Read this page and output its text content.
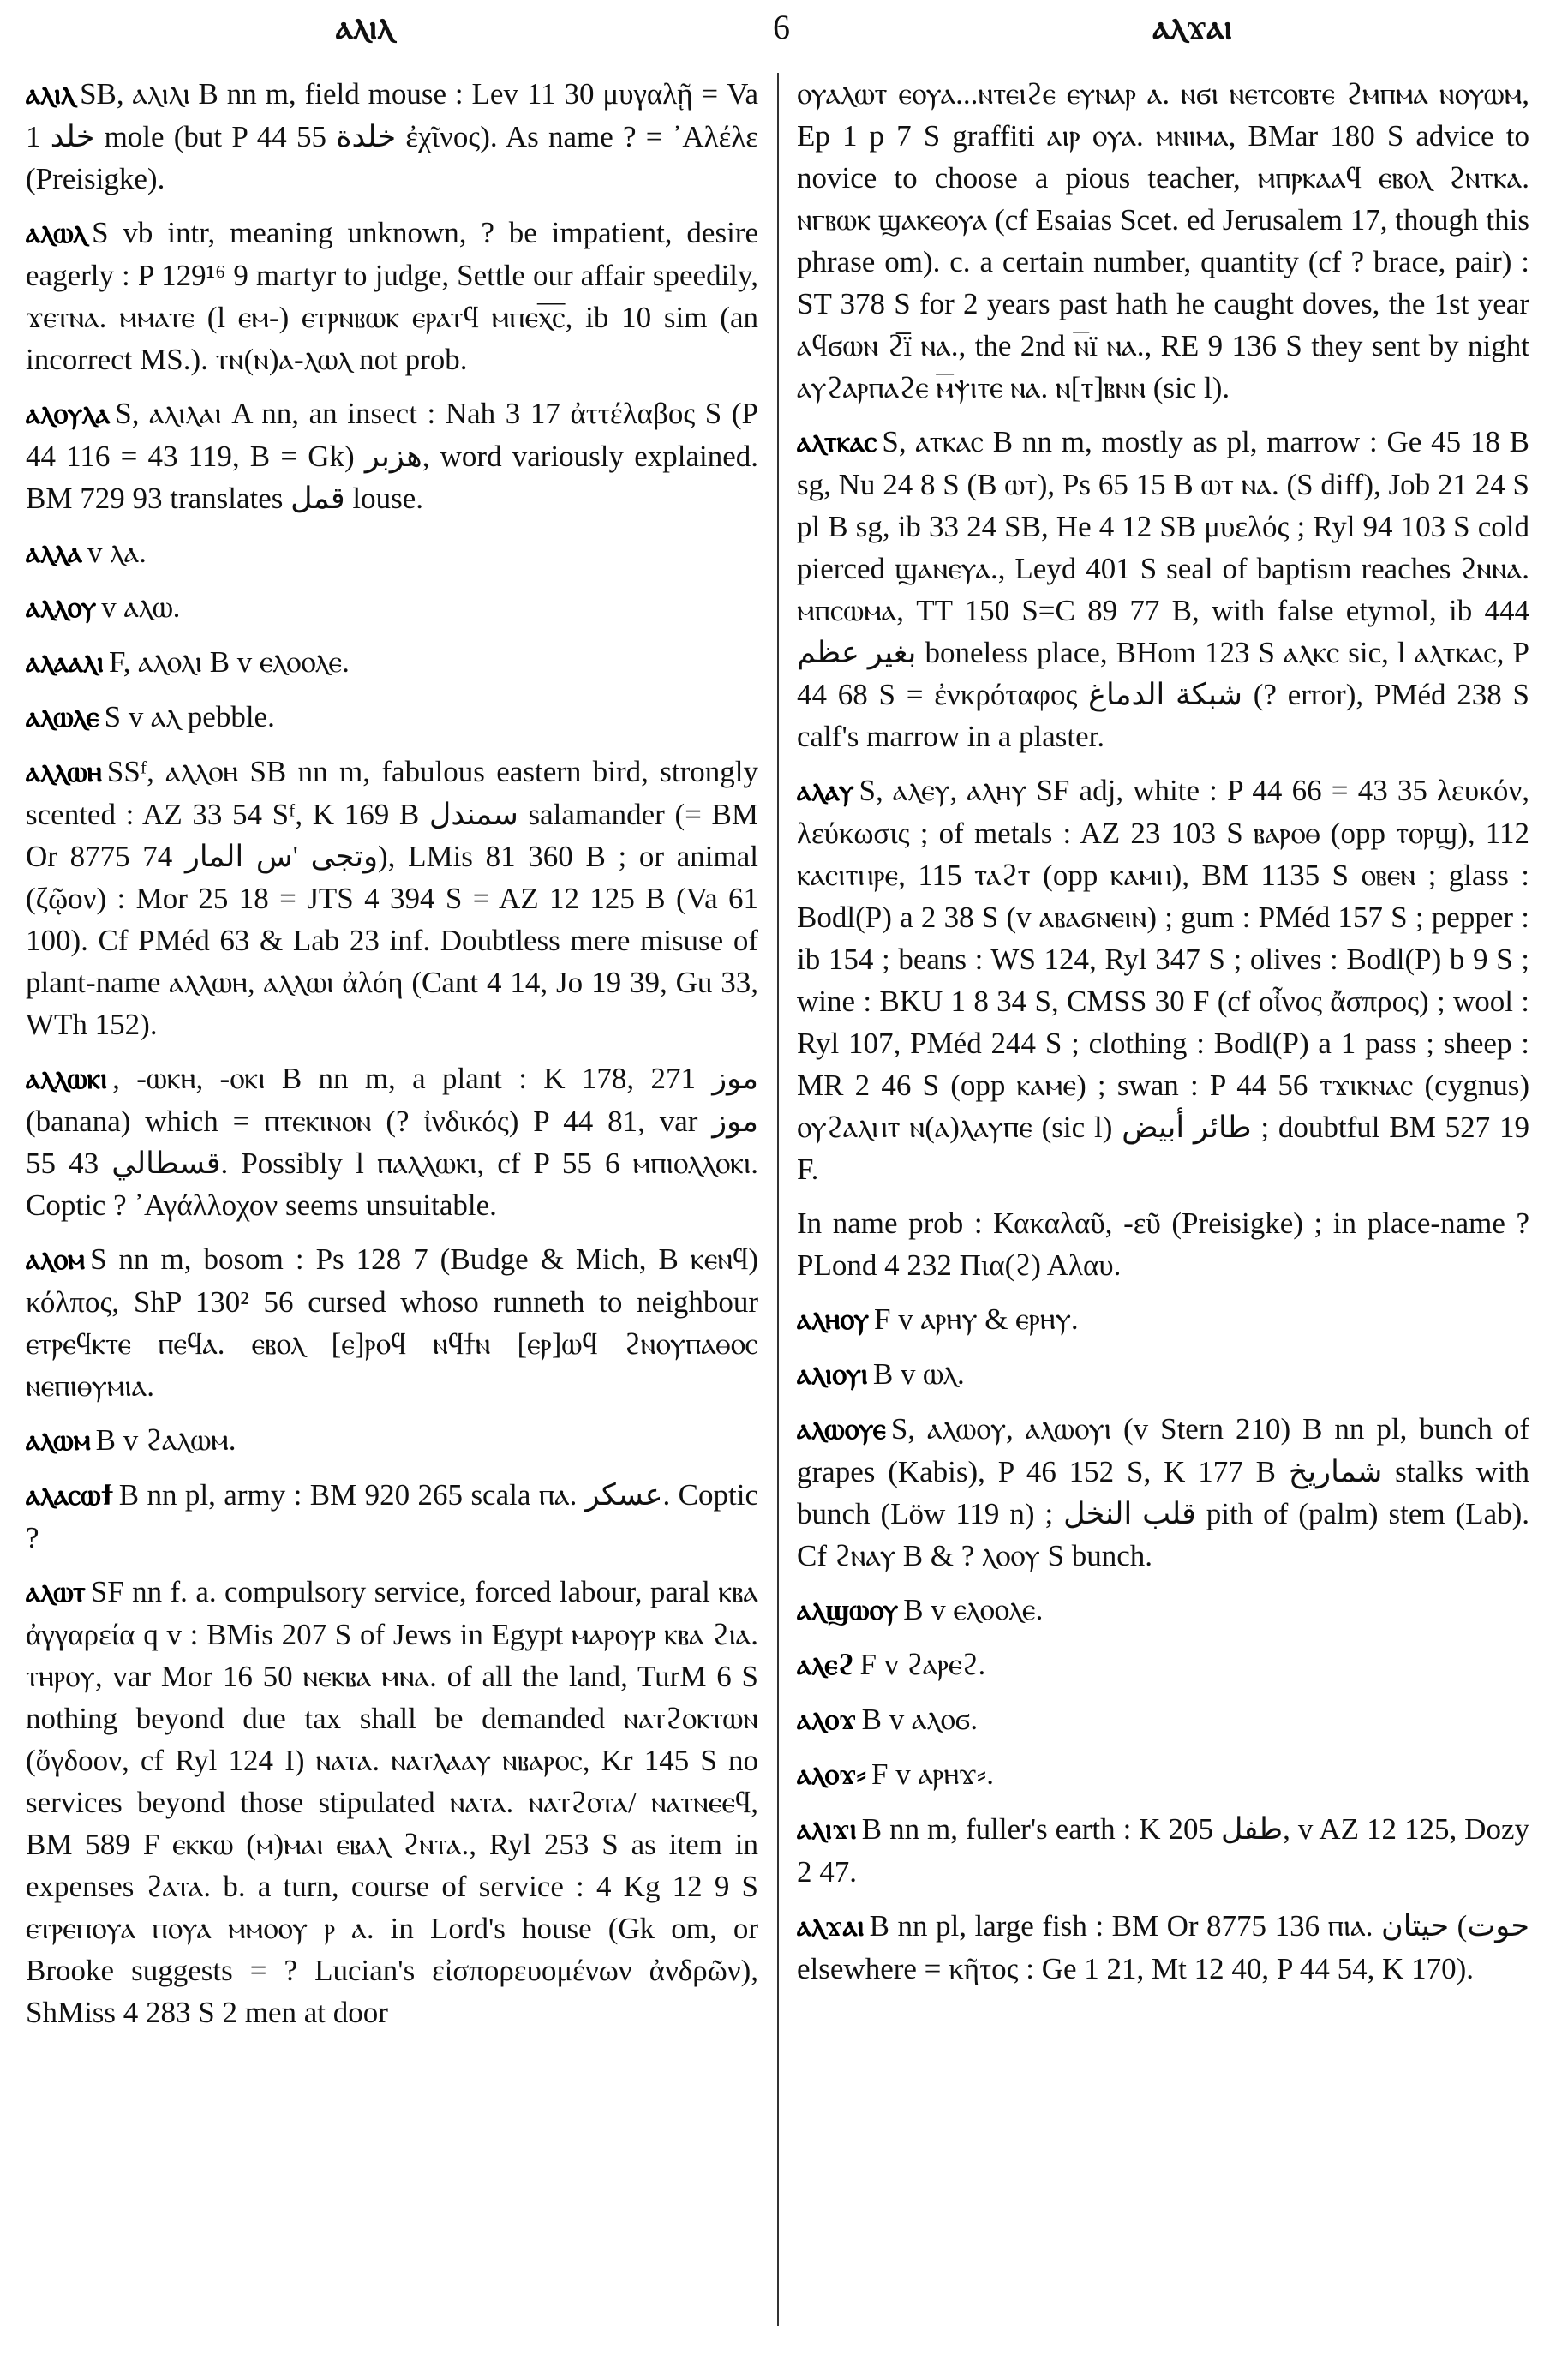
ⲁⲗⲓⲗ	6	ⲁⲗϫⲁⲓ
ⲁⲗⲓⲗ SB, ⲁⲗⲓⲗⲓ B nn m, field mouse : Lev 11 30 μυγαλῇ = Va 1 خلد mole (but P 44 55 خلدة ἐχῖνος). As name ? = ᾿Αλέλε (Preisigke).
ⲁⲗⲱⲗ S vb intr, meaning unknown, ? be impatient, desire eagerly : P 129¹⁶ 9 martyr to judge, Settle our affair speedily, ϫⲉⲧⲛⲁ. ⲙⲙⲁⲧⲉ (l ⲉⲙ-) ⲉⲧⲣⲛⲃⲱⲕ ⲉⲣⲁⲧϥ ⲙⲡⲉⲭ̅ⲥ̅, ib 10 sim (an incorrect MS.). ⲧⲛ(ⲛ)ⲁ-ⲗⲱⲗ not prob.
ⲁⲗⲟⲩⲗⲁ S, ⲁⲗⲓⲗⲁⲓ A nn, an insect : Nah 3 17 ἀττέλαβος S (P 44 116 = 43 119, B = Gk) هزبر, word variously explained. BM 729 93 translates قمل louse.
ⲁⲗⲗⲁ v ⲗⲁ.
ⲁⲗⲗⲟⲩ v ⲁⲗⲱ.
ⲁⲗⲁⲁⲗⲓ F, ⲁⲗⲟⲗⲓ B v ⲉⲗⲟⲟⲗⲉ.
ⲁⲗⲱⲗⲉ S v ⲁⲗ pebble.
ⲁⲗⲗⲱⲏ SSᶠ, ⲁⲗⲗⲟⲏ SB nn m, fabulous eastern bird, strongly scented : AZ 33 54 Sᶠ, K 169 B سمندل salamander (= BM Or 8775 74 وتجى 'س المار), LMis 81 360 B ; or animal (ζῷον) : Mor 25 18 = JTS 4 394 S = AZ 12 125 B (Va 61 100). Cf PMéd 63 & Lab 23 inf. Doubtless mere misuse of plant-name ⲁⲗⲗⲱⲏ, ⲁⲗⲗⲱⲓ ἀλόη (Cant 4 14, Jo 19 39, Gu 33, WTh 152).
ⲁⲗⲗⲱⲕⲓ , -ⲱⲕⲏ, -ⲟⲕⲓ B nn m, a plant : K 178, 271 موز (banana) which = ⲡⲧⲉⲕⲓⲛⲟⲛ (? ἰνδικός) P 44 81, var موز قسطالي 43 55. Possibly l ⲡⲁⲗⲗⲱⲕⲓ, cf P 55 6 ⲙⲡⲓⲟⲗⲗⲟⲕⲓ. Coptic ? ᾿Αγάλλοχον seems unsuitable.
ⲁⲗⲟⲙ S nn m, bosom : Ps 128 7 (Budge & Mich, B ⲕⲉⲛϥ) κόλπος, ShP 130² 56 cursed whoso runneth to neighbour ⲉⲧⲣⲉϥⲕⲧⲉ ⲡⲉϥⲁ. ⲉⲃⲟⲗ [ⲉ]ⲣⲟϥ ⲛϥϯⲛ [ⲉⲣ]ⲱϥ ϩⲛⲟⲩⲡⲁⲑⲟⲥ ⲛⲉⲡⲓⲑⲩⲙⲓⲁ.
ⲁⲗⲱⲙ B v ϩⲁⲗⲱⲙ.
ⲁⲗⲁⲥⲱϯ B nn pl, army : BM 920 265 scala ⲡⲁ. عسكر. Coptic ?
ⲁⲗⲱⲧ SF nn f. a. compulsory service, forced labour, paral ⲕⲃⲁ ἀγγαρεία q v : BMis 207 S of Jews in Egypt ⲙⲁⲣⲟⲩⲣ ⲕⲃⲁ ϩⲓⲁ. ⲧⲏⲣⲟⲩ, var Mor 16 50 ⲛⲉⲕⲃⲁ ⲙⲛⲁ. of all the land, TurM 6 S nothing beyond due tax shall be demanded ⲛⲁⲧϩⲟⲕⲧⲱⲛ (ὄγδοον, cf Ryl 124 I) ⲛⲁⲧⲁ. ⲛⲁⲧⲗⲁⲁⲩ ⲛⲃⲁⲣⲟⲥ, Kr 145 S no services beyond those stipulated ⲛⲁⲧⲁ. ⲛⲁⲧϩⲟⲧⲁ/ ⲛⲁⲧⲛⲉⲉϥ, BM 589 F ⲉⲕⲕⲱ (ⲙ)ⲙⲁⲓ ⲉⲃⲁⲗ ϩⲛⲧⲁ., Ryl 253 S as item in expenses ϩⲁⲧⲁ. b. a turn, course of service : 4 Kg 12 9 S ⲉⲧⲣⲉⲡⲟⲩⲁ ⲡⲟⲩⲁ ⲙⲙⲟⲟⲩ ⲣ ⲁ. in Lord's house (Gk om, or Brooke suggests = ? Lucian's εἰσπορευομένων ἀνδρῶν), ShMiss 4 283 S 2 men at door
ⲟⲩⲁⲗⲱⲧ ⲉⲟⲩⲁ...ⲛⲧⲉⲓϩⲉ ⲉⲩⲛⲁⲣ ⲁ. ⲛϭⲓ ⲛⲉⲧⲥⲟⲃⲧⲉ ϩⲙⲡⲙⲁ ⲛⲟⲩⲱⲙ, Ep 1 p 7 S graffiti ⲁⲓⲣ ⲟⲩⲁ. ⲙⲛⲓⲙⲁ, BMar 180 S advice to novice to choose a pious teacher, ⲙⲡⲣⲕⲁⲁϥ ⲉⲃⲟⲗ ϩⲛⲧⲕⲁ. ⲛⲅⲃⲱⲕ ϣⲁⲕⲉⲟⲩⲁ (cf Esaias Scet. ed Jerusalem 17, though this phrase om). c. a certain number, quantity (cf ? brace, pair) : ST 378 S for 2 years past hath he caught doves, the 1st year ⲁϥϭⲱⲛ ϩ̅ï ⲛⲁ., the 2nd ⲛ̅ï ⲛⲁ., RE 9 136 S they sent by night ⲁⲩϩⲁⲣⲡⲁϩⲉ ⲙ̅ⲯⲓⲧⲉ ⲛⲁ. ⲛ[ⲧ]ⲃⲛⲛ (sic l).
ⲁⲗⲧⲕⲁⲥ S, ⲁⲧⲕⲁⲥ B nn m, mostly as pl, marrow : Ge 45 18 B sg, Nu 24 8 S (B ⲱⲧ), Ps 65 15 B ⲱⲧ ⲛⲁ. (S diff), Job 21 24 S pl B sg, ib 33 24 SB, He 4 12 SB μυελός ; Ryl 94 103 S cold pierced ϣⲁⲛⲉⲩⲁ., Leyd 401 S seal of baptism reaches ϩⲛⲛⲁ. ⲙⲡⲥⲱⲙⲁ, TT 150 S=C 89 77 B, with false etymol, ib 444 بغير عظم boneless place, BHom 123 S ⲁⲗⲕⲥ sic, l ⲁⲗⲧⲕⲁⲥ, P 44 68 S = ἐνκρόταφος شبكة الدماغ (? error), PMéd 238 S calf's marrow in a plaster.
ⲁⲗⲁⲩ S, ⲁⲗⲉⲩ, ⲁⲗⲏⲩ SF adj, white : P 44 66 = 43 35 λευκόν, λεύκωσις ; of metals : AZ 23 103 S ⲃⲁⲣⲟⲑ (opp ⲧⲟⲣϣ), 112 ⲕⲁⲥⲓⲧⲏⲣⲉ, 115 ⲧⲁϩⲧ (opp ⲕⲁⲙⲏ), BM 1135 S ⲟⲃⲉⲛ ; glass : Bodl(P) a 2 38 S (v ⲁⲃⲁϭⲛⲉⲓⲛ) ; gum : PMéd 157 S ; pepper : ib 154 ; beans : WS 124, Ryl 347 S ; olives : Bodl(P) b 9 S ; wine : BKU 1 8 34 S, CMSS 30 F (cf οἶνος ἄσπρος) ; wool : Ryl 107, PMéd 244 S ; clothing : Bodl(P) a 1 pass ; sheep : MR 2 46 S (opp ⲕⲁⲙⲉ) ; swan : P 44 56 ⲧϫⲓⲕⲛⲁⲥ (cygnus) ⲟⲩϩⲁⲗⲏⲧ ⲛ(ⲁ)ⲗⲁⲩⲡⲉ (sic l) طائر أبيض ; doubtful BM 527 19 F.
In name prob : Κακαλαῦ, -εῦ (Preisigke) ; in place-name ? PLond 4 232 Πια(ϩ) Αλαυ.
ⲁⲗⲏⲟⲩ F v ⲁⲣⲏⲩ & ⲉⲣⲏⲩ.
ⲁⲗⲓⲟⲩⲓ B v ⲱⲗ.
ⲁⲗⲱⲟⲩⲉ S, ⲁⲗⲱⲟⲩ, ⲁⲗⲱⲟⲩⲓ (v Stern 210) B nn pl, bunch of grapes (Kabis), P 46 152 S, K 177 B شماريخ stalks with bunch (Löw 119 n) ; قلب النخل pith of (palm) stem (Lab). Cf ϩⲛⲁⲩ B & ? ⲗⲟⲟⲩ S bunch.
ⲁⲗϣⲱⲟⲩ B v ⲉⲗⲟⲟⲗⲉ.
ⲁⲗⲉϩ F v ϩⲁⲣⲉϩ.
ⲁⲗⲟϫ B v ⲁⲗⲟϭ.
ⲁⲗⲟϫ⸗ F v ⲁⲣⲏϫ⸗.
ⲁⲗⲓϫⲓ B nn m, fuller's earth : K 205 طفل, v AZ 12 125, Dozy 2 47.
ⲁⲗϫⲁⲓ B nn pl, large fish : BM Or 8775 136 ⲡⲓⲁ. حيتان (حوت elsewhere = κῆτος : Ge 1 21, Mt 12 40, P 44 54, K 170).
